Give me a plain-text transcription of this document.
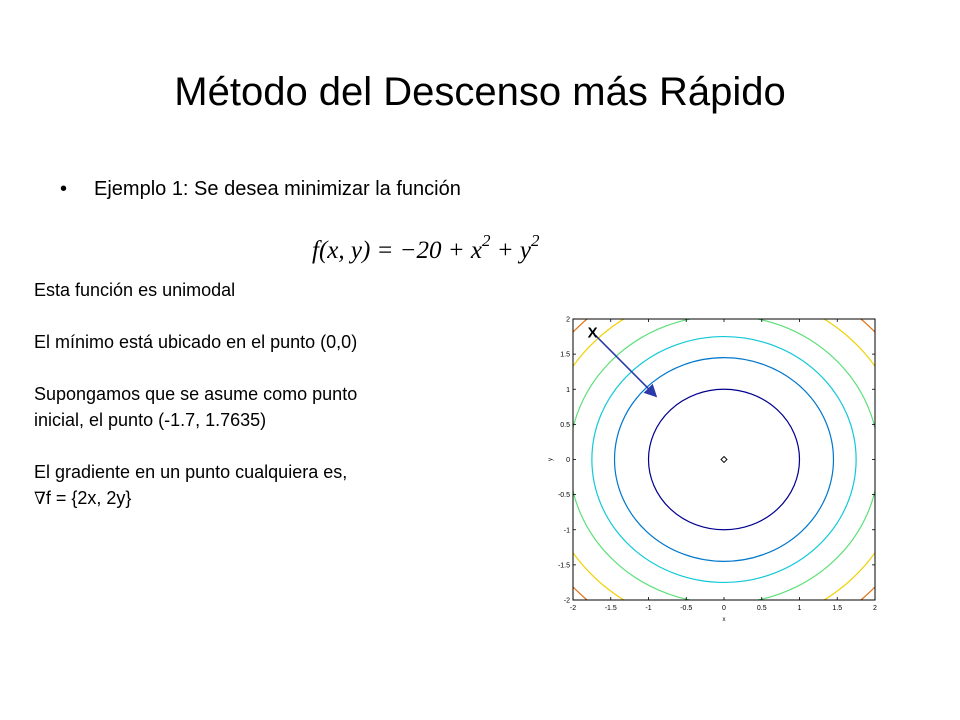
Método del Descenso más Rápido
• Ejemplo 1: Se desea minimizar la función
f(x, $y) = -20 + x^2 + y^2$

Esta función es unimodal

El mínimo está ubicado en el punto (0,0)

Supongamos que se asume como punto
inicial, el punto (-1.7, 1.7635)

El gradiente en un punto cualquiera es,
∇f = {2x, 2y}

-2	-1.5	-1	-0.5	0	0.5	1	1.5	2
2
1.5
1
0.5
0
-0.5
-1
-1.5
-2
x
y
X
